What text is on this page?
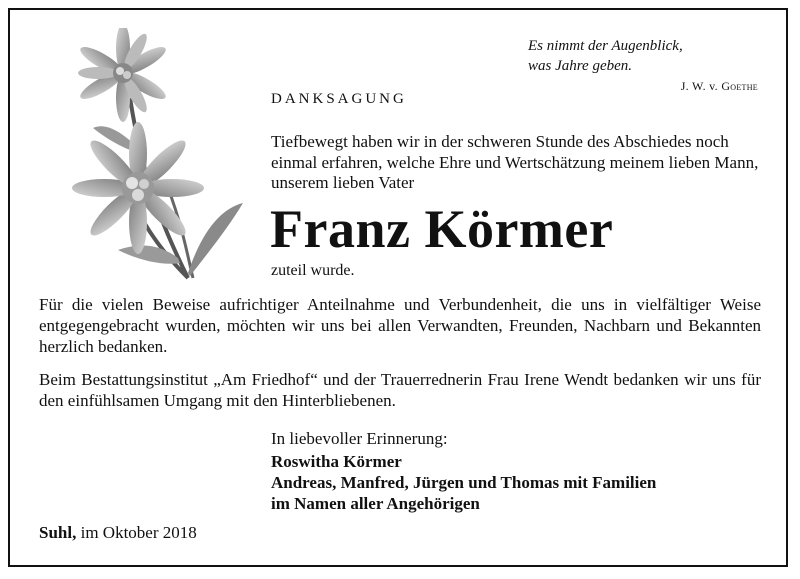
Es nimmt der Augenblick,
was Jahre geben.
J. W. v. Goethe
DANKSAGUNG
Tiefbewegt haben wir in der schweren Stunde des Abschiedes noch einmal erfahren, welche Ehre und Wertschätzung meinem lieben Mann, unserem lieben Vater
Franz Körmer
zuteil wurde.
Für die vielen Beweise aufrichtiger Anteilnahme und Verbundenheit, die uns in vielfältiger Weise entgegengebracht wurden, möchten wir uns bei allen Verwandten, Freunden, Nachbarn und Bekannten herzlich bedanken.
Beim Bestattungsinstitut „Am Friedhof“ und der Trauerrednerin Frau Irene Wendt bedanken wir uns für den einfühlsamen Umgang mit den Hinterbliebenen.
In liebevoller Erinnerung:
Roswitha Körmer
Andreas, Manfred, Jürgen und Thomas mit Familien
im Namen aller Angehörigen
Suhl, im Oktober 2018
